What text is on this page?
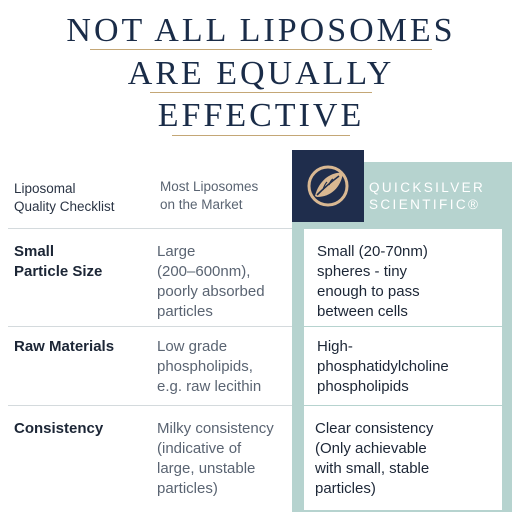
NOT ALL LIPOSOMES
ARE EQUALLY
EFFECTIVE
QUICKSILVER
SCIENTIFIC®
Liposomal
Quality Checklist
Most Liposomes
on the Market
Small
Particle Size
Large
(200–600nm),
poorly absorbed
particles
Small (20-70nm)
spheres - tiny
enough to pass
between cells
Raw Materials	Low grade
phospholipids,
e.g. raw lecithin
High-
phosphatidylcholine
phospholipids
Consistency	Milky consistency
(indicative of
large, unstable
particles)
Clear consistency
(Only achievable
with small, stable
particles)
